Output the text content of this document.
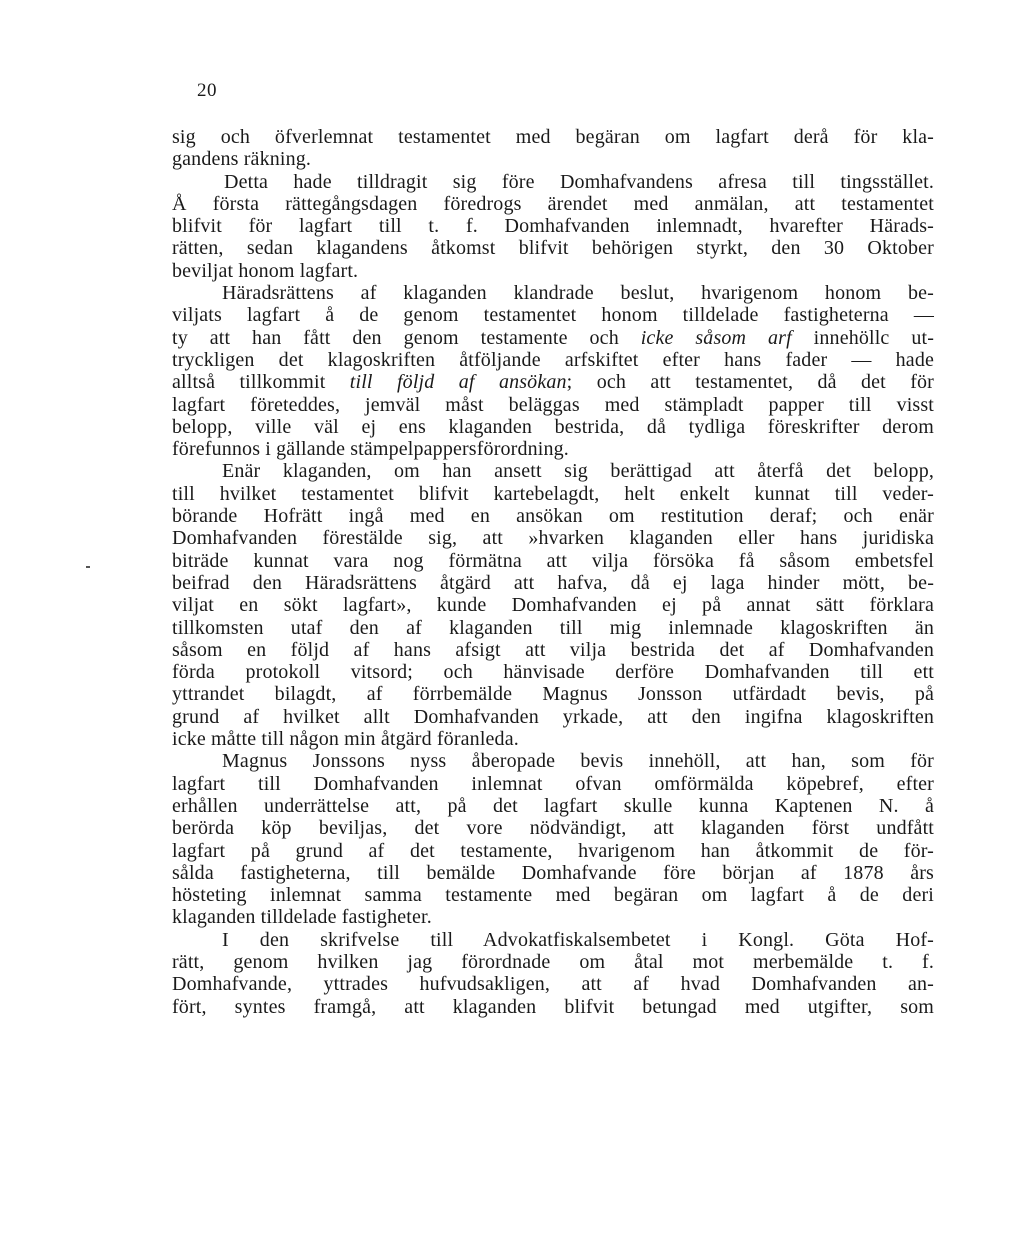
20
sig och öfverlemnat testamentet med begäran om lagfart derå för kla-
gandens räkning.
Detta hade tilldragit sig före Domhafvandens afresa till tingsstället.
Å första rättegångsdagen föredrogs ärendet med anmälan, att testamentet
blifvit för lagfart till t. f. Domhafvanden inlemnadt, hvarefter Härads-
rätten, sedan klagandens åtkomst blifvit behörigen styrkt, den 30 Oktober
beviljat honom lagfart.
Häradsrättens af klaganden klandrade beslut, hvarigenom honom be-
viljats lagfart å de genom testamentet honom tilldelade fastigheterna —
ty att han fått den genom testamente och icke såsom arf innehöllc ut-
tryckligen det klagoskriften åtföljande arfskiftet efter hans fader — hade
alltså tillkommit till följd af ansökan; och att testamentet, då det för
lagfart företeddes, jemväl måst beläggas med stämpladt papper till visst
belopp, ville väl ej ens klaganden bestrida, då tydliga föreskrifter derom
förefunnos i gällande stämpelpappersförordning.
Enär klaganden, om han ansett sig berättigad att återfå det belopp,
till hvilket testamentet blifvit kartebelagdt, helt enkelt kunnat till veder-
börande Hofrätt ingå med en ansökan om restitution deraf; och enär
Domhafvanden förestälde sig, att »hvarken klaganden eller hans juridiska
biträde kunnat vara nog förmätna att vilja försöka få såsom embetsfel
beifrad den Häradsrättens åtgärd att hafva, då ej laga hinder mött, be-
viljat en sökt lagfart», kunde Domhafvanden ej på annat sätt förklara
tillkomsten utaf den af klaganden till mig inlemnade klagoskriften än
såsom en följd af hans afsigt att vilja bestrida det af Domhafvanden
förda protokoll vitsord; och hänvisade derföre Domhafvanden till ett
yttrandet bilagdt, af förrbemälde Magnus Jonsson utfärdadt bevis, på
grund af hvilket allt Domhafvanden yrkade, att den ingifna klagoskriften
icke måtte till någon min åtgärd föranleda.
Magnus Jonssons nyss åberopade bevis innehöll, att han, som för
lagfart till Domhafvanden inlemnat ofvan omförmälda köpebref, efter
erhållen underrättelse att, på det lagfart skulle kunna Kaptenen N. å
berörda köp beviljas, det vore nödvändigt, att klaganden först undfått
lagfart på grund af det testamente, hvarigenom han åtkommit de för-
sålda fastigheterna, till bemälde Domhafvande före början af 1878 års
hösteting inlemnat samma testamente med begäran om lagfart å de deri
klaganden tilldelade fastigheter.
I den skrifvelse till Advokatfiskalsembetet i Kongl. Göta Hof-
rätt, genom hvilken jag förordnade om åtal mot merbemälde t. f.
Domhafvande, yttrades hufvudsakligen, att af hvad Domhafvanden an-
fört, syntes framgå, att klaganden blifvit betungad med utgifter, som
